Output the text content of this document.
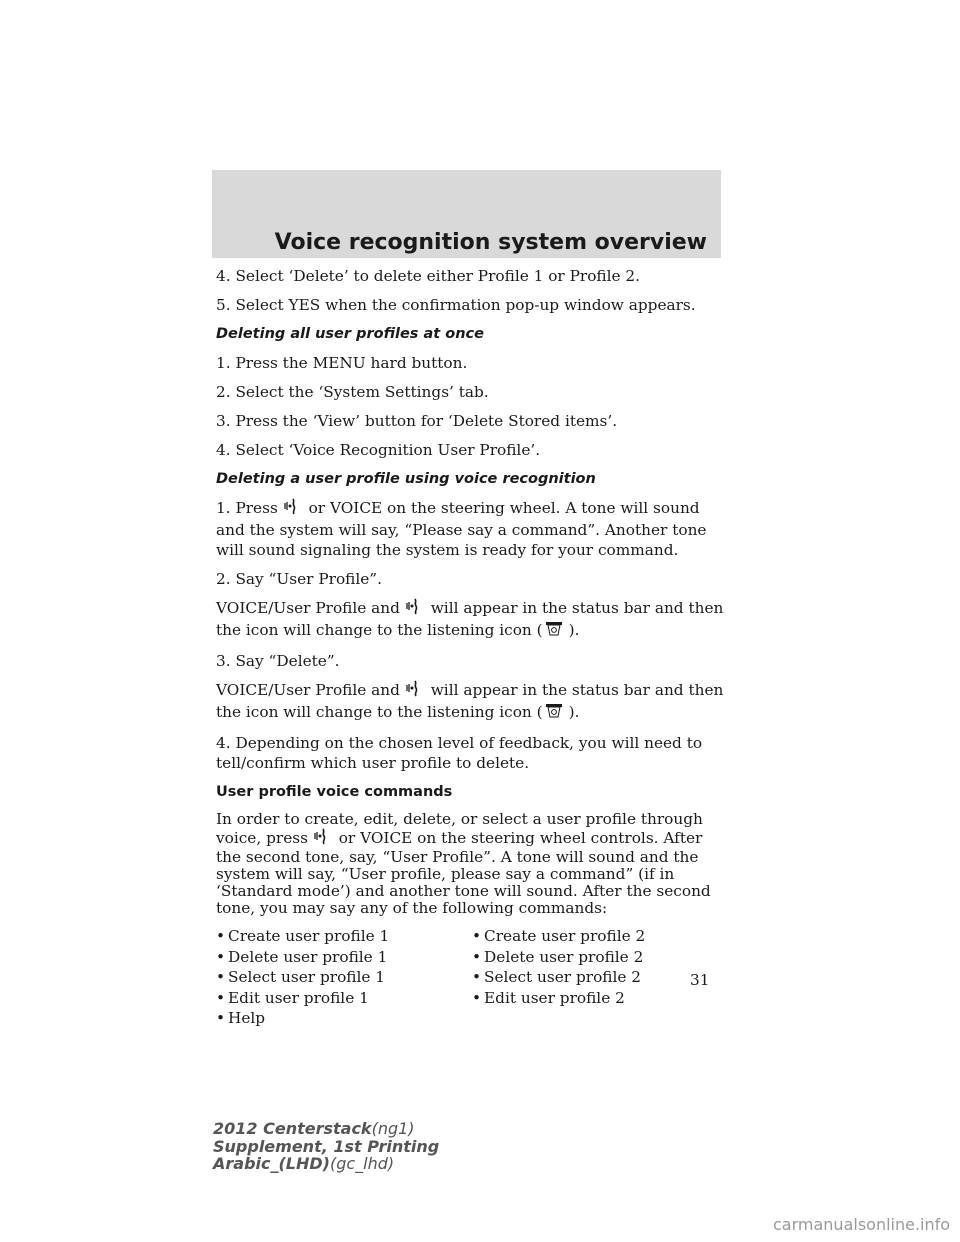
Voice recognition system overview

4. Select ‘Delete’ to delete either Profile 1 or Profile 2.

5. Select YES when the confirmation pop-up window appears.

Deleting all user profiles at once

1. Press the MENU hard button.

2. Select the ‘System Settings’ tab.

3. Press the ‘View’ button for ‘Delete Stored items’.

4. Select ‘Voice Recognition User Profile’.

Deleting a user profile using voice recognition

1. Press or VOICE on the steering wheel. A tone will sound and the system will say, “Please say a command”. Another tone will sound signaling the system is ready for your command.

2. Say “User Profile”.

VOICE/User Profile and will appear in the status bar and then the icon will change to the listening icon ( ).

3. Say “Delete”.

VOICE/User Profile and will appear in the status bar and then the icon will change to the listening icon ( ).

4. Depending on the chosen level of feedback, you will need to tell/confirm which user profile to delete.

User profile voice commands

In order to create, edit, delete, or select a user profile through voice, press or VOICE on the steering wheel controls. After the second tone, say, “User Profile”. A tone will sound and the system will say, “User profile, please say a command” (if in ‘Standard mode’) and another tone will sound. After the second tone, you may say any of the following commands:

• Create user profile 1	• Create user profile 2
• Delete user profile 1	• Delete user profile 2
• Select user profile 1	• Select user profile 2
• Edit user profile 1	• Edit user profile 2
• Help
31
2012 Centerstack(ng1)
Supplement, 1st Printing
Arabic_(LHD)(gc_lhd)
carmanualsonline.info
